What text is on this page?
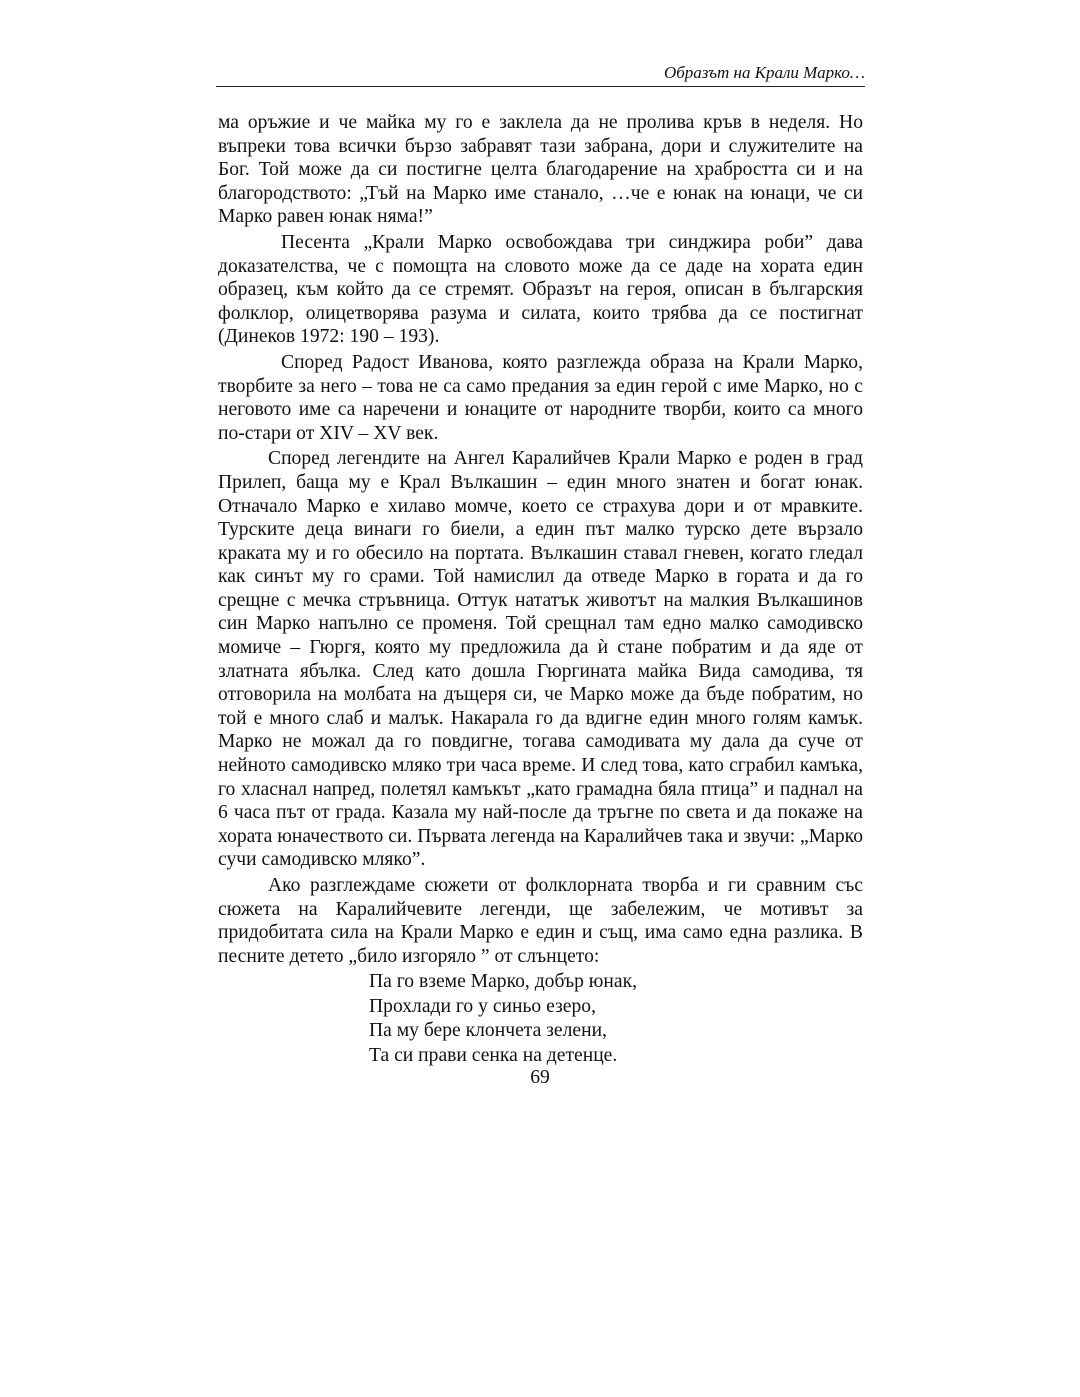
Образът на Крали Марко…

ма оръжие и че майка му го е заклела да не пролива кръв в неделя. Но въпреки това всички бързо забравят тази забрана, дори и служителите на Бог. Той може да си постигне целта благодарение на храбростта си и на благородството: „Тъй на Марко име станало, …че е юнак на юнаци, че си Марко равен юнак няма!”

Песента „Крали Марко освобождава три синджира роби” дава доказателства, че с помощта на словото може да се даде на хората един образец, към който да се стремят. Образът на героя, описан в българския фолклор, олицетворява разума и силата, които трябва да се постигнат (Динеков 1972: 190 – 193).

Според Радост Иванова, която разглежда образа на Крали Марко, творбите за него – това не са само предания за един герой с име Марко, но с неговото име са наречени и юнаците от народните творби, които са много по-стари от XIV – XV век.

Според легендите на Ангел Каралийчев Крали Марко е роден в град Прилеп, баща му е Крал Вълкашин – един много знатен и богат юнак. Отначало Марко е хилаво момче, което се страхува дори и от мравките. Турските деца винаги го биели, а един път малко турско дете вързало краката му и го обесило на портата. Вълкашин ставал гневен, когато гледал как синът му го срами. Той намислил да отведе Марко в гората и да го срещне с мечка стръвница. Оттук нататък животът на малкия Вълкашинов син Марко напълно се променя. Той срещнал там едно малко самодивско момиче – Гюргя, която му предложила да ѝ стане побратим и да яде от златната ябълка. След като дошла Гюргината майка Вида самодива, тя отговорила на молбата на дъщеря си, че Марко може да бъде побратим, но той е много слаб и малък. Накарала го да вдигне един много голям камък. Марко не можал да го повдигне, тогава самодивата му дала да суче от нейното самодивско мляко три часа време. И след това, като сграбил камъка, го хласнал напред, полетял камъкът „като грамадна бяла птица” и паднал на 6 часа път от града. Казала му най-после да тръгне по света и да покаже на хората юначеството си. Първата легенда на Каралийчев така и звучи: „Марко сучи самодивско мляко”.

Ако разглеждаме сюжети от фолклорната творба и ги сравним със сюжета на Каралийчевите легенди, ще забележим, че мотивът за придобитата сила на Крали Марко е един и същ, има само една разлика. В песните детето „било изгоряло ” от слънцето:

Па го вземе Марко, добър юнак,
Прохлади го у синьо езеро,
Па му бере клончета зелени,
Та си прави сенка на детенце.
69
